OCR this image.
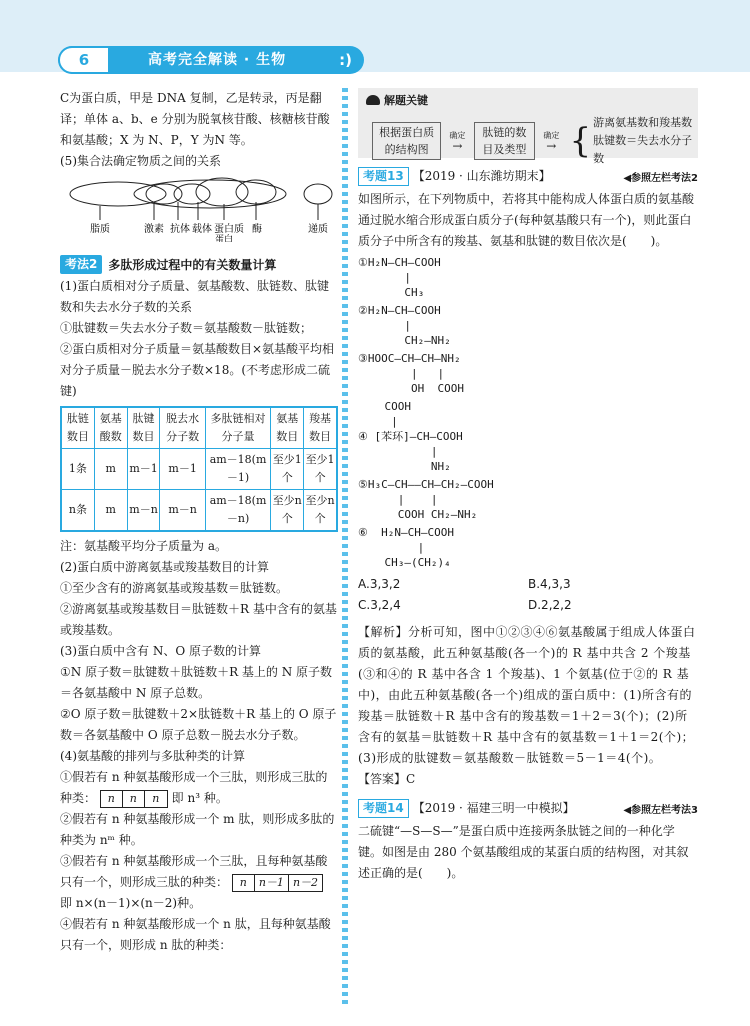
6	高考完全解读 · 生物	:)
C为蛋白质，甲是 DNA 复制，乙是转录，丙是翻译；单体 a、b、e 分别为脱氧核苷酸、核糖核苷酸和氨基酸；X 为 N、P，Y 为N 等。
(5)集合法确定物质之间的关系
脂质	激素 抗体 载体 蛋白质 酶	递质
蛋白
考法2 多肽形成过程中的有关数量计算
(1)蛋白质相对分子质量、氨基酸数、肽链数、肽键数和失去水分子数的关系
①肽键数＝失去水分子数＝氨基酸数－肽链数；
②蛋白质相对分子质量＝氨基酸数目×氨基酸平均相对分子质量－脱去水分子数×18。(不考虑形成二硫键)
肽链数目	氨基酸数	肽键数目	脱去水分子数	多肽链相对分子量	氨基数目	羧基数目
1条	m	m－1	m－1	am－18(m－1)	至少1个	至少1个
n条	m	m－n	m－n	am－18(m－n)	至少n个	至少n个
注：氨基酸平均分子质量为 a。
(2)蛋白质中游离氨基或羧基数目的计算
①至少含有的游离氨基或羧基数＝肽链数。
②游离氨基或羧基数目＝肽链数＋R 基中含有的氨基或羧基数。
(3)蛋白质中含有 N、O 原子数的计算
①N 原子数＝肽键数＋肽链数＋R 基上的 N 原子数＝各氨基酸中 N 原子总数。
②O 原子数＝肽键数＋2×肽链数＋R 基上的 O 原子数＝各氨基酸中 O 原子总数－脱去水分子数。
(4)氨基酸的排列与多肽种类的计算
①假若有 n 种氨基酸形成一个三肽，则形成三肽的
种类：	n	n	n	即 n³ 种。
②假若有 n 种氨基酸形成一个 m 肽，则形成多肽的种类为 nᵐ 种。
③假若有 n 种氨基酸形成一个三肽，且每种氨基酸只有一个，则形成三肽的种类：	n	n－1 n－2
即 n×(n－1)×(n－2)种。
④假若有 n 种氨基酸形成一个 n 肽，且每种氨基酸只有一个，则形成 n 肽的种类：
解题关键
根据蛋白质的结构图
确定 →	肽链的数目及类型
确定 → { 游离氨基数和羧基数
肽键数＝失去水分子数
考题13 【2019 · 山东潍坊期末】	◀参照左栏考法2
如图所示，在下列物质中，若将其中能构成人体蛋白质的氨基酸通过脱水缩合形成蛋白质分子(每种氨基酸只有一个)，则此蛋白质分子中所含有的羧基、氨基和肽键的数目依次是(　　)。
①H₂N—CH—COOH
|
CH₃
②H₂N—CH—COOH
|
CH₂—NH₂
③HOOC—CH—CH—NH₂
|   |
OH  COOH
COOH
|
④ [苯环]—CH—COOH
|
NH₂
⑤H₃C—CH——CH—CH₂—COOH
|    |
COOH CH₂—NH₂
⑥  H₂N—CH—COOH
|
CH₃—(CH₂)₄
A.3,3,2	B.4,3,3
C.3,2,4	D.2,2,2
【解析】分析可知，图中①②③④⑥氨基酸属于组成人体蛋白质的氨基酸，此五种氨基酸(各一个)的 R 基中共含 2 个羧基(③和④的 R 基中各含 1 个羧基)、1 个氨基(位于②的 R 基中)，由此五种氨基酸(各一个)组成的蛋白质中：(1)所含有的羧基＝肽链数＋R 基中含有的羧基数＝1＋2＝3(个)；(2)所含有的氨基＝肽链数＋R 基中含有的氨基数＝1＋1＝2(个)；(3)形成的肽键数＝氨基酸数－肽链数＝5－1＝4(个)。
【答案】C
考题14 【2019 · 福建三明一中模拟】	◀参照左栏考法3
二硫键“—S—S—”是蛋白质中连接两条肽链之间的一种化学键。如图是由 280 个氨基酸组成的某蛋白质的结构图，对其叙述正确的是(　　)。
